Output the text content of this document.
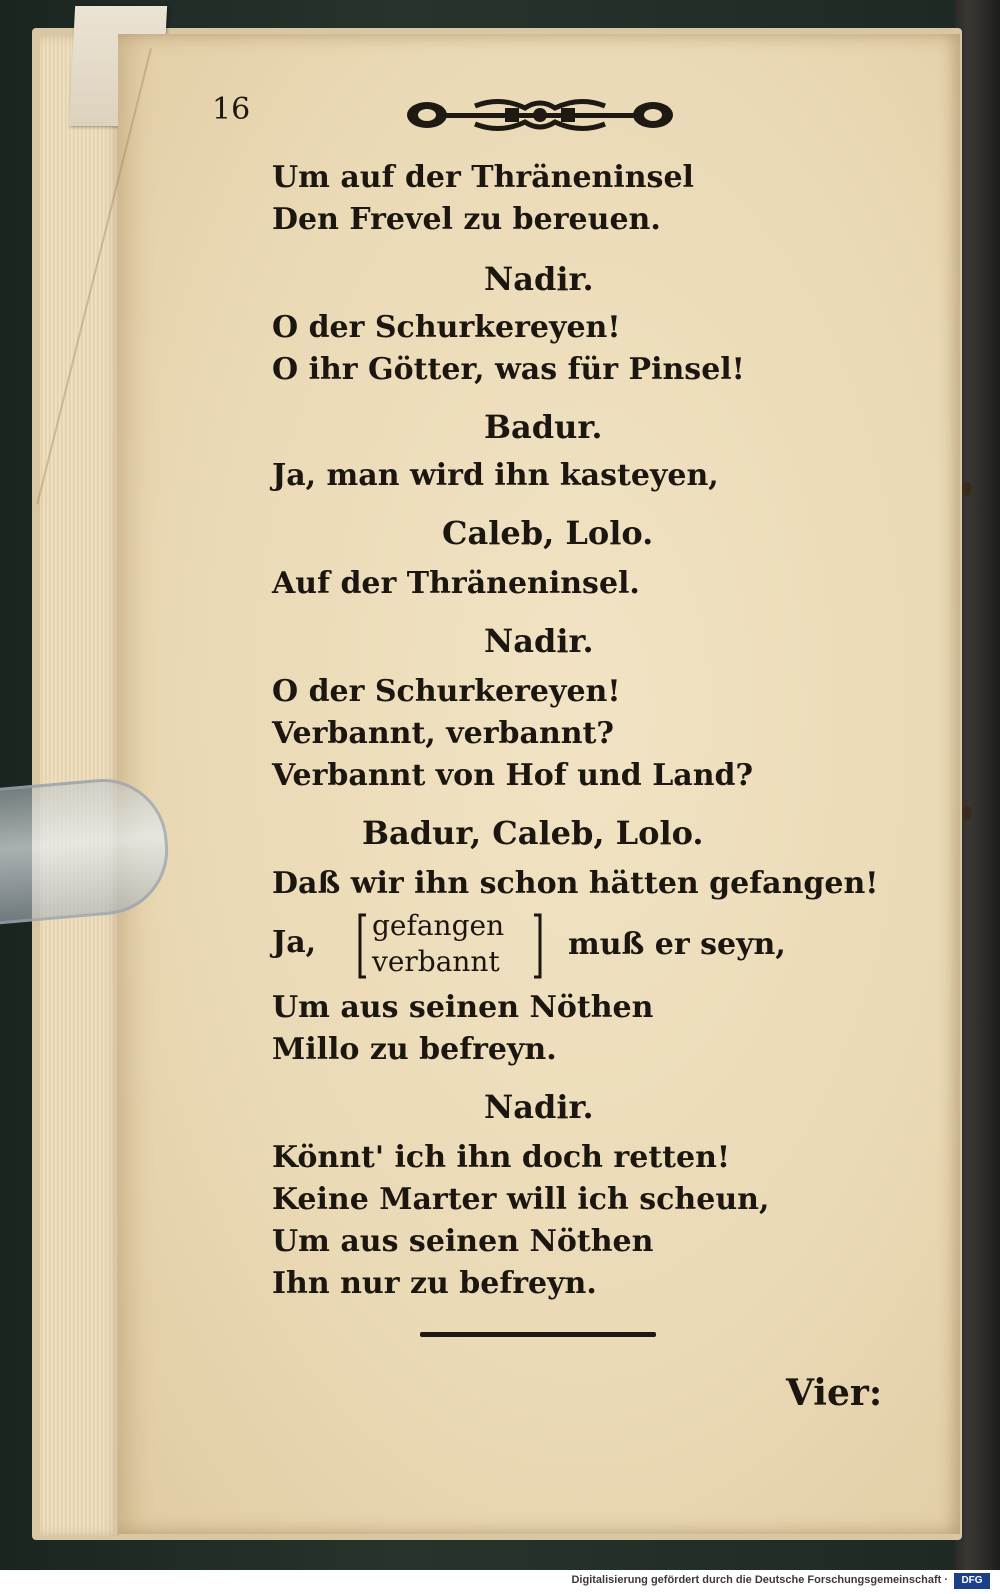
16
Um auf der Thräneninsel
Den Frevel zu bereuen.
Nadir.
O der Schurkereyen!
O ihr Götter, was für Pinsel!
Badur.
Ja, man wird ihn kasteyen,
Caleb, Lolo.
Auf der Thräneninsel.
Nadir.
O der Schurkereyen!
Verbannt, verbannt?
Verbannt von Hof und Land?
Badur, Caleb, Lolo.
Daß wir ihn schon hätten gefangen!
Ja, gefangen
verbannt muß er seyn,
Um aus seinen Nöthen
Millo zu befreyn.
Nadir.
Könnt' ich ihn doch retten!
Keine Marter will ich scheun,
Um aus seinen Nöthen
Ihn nur zu befreyn.
Vier:
Digitalisierung gefördert durch die Deutsche Forschungsgemeinschaft ·	DFG
